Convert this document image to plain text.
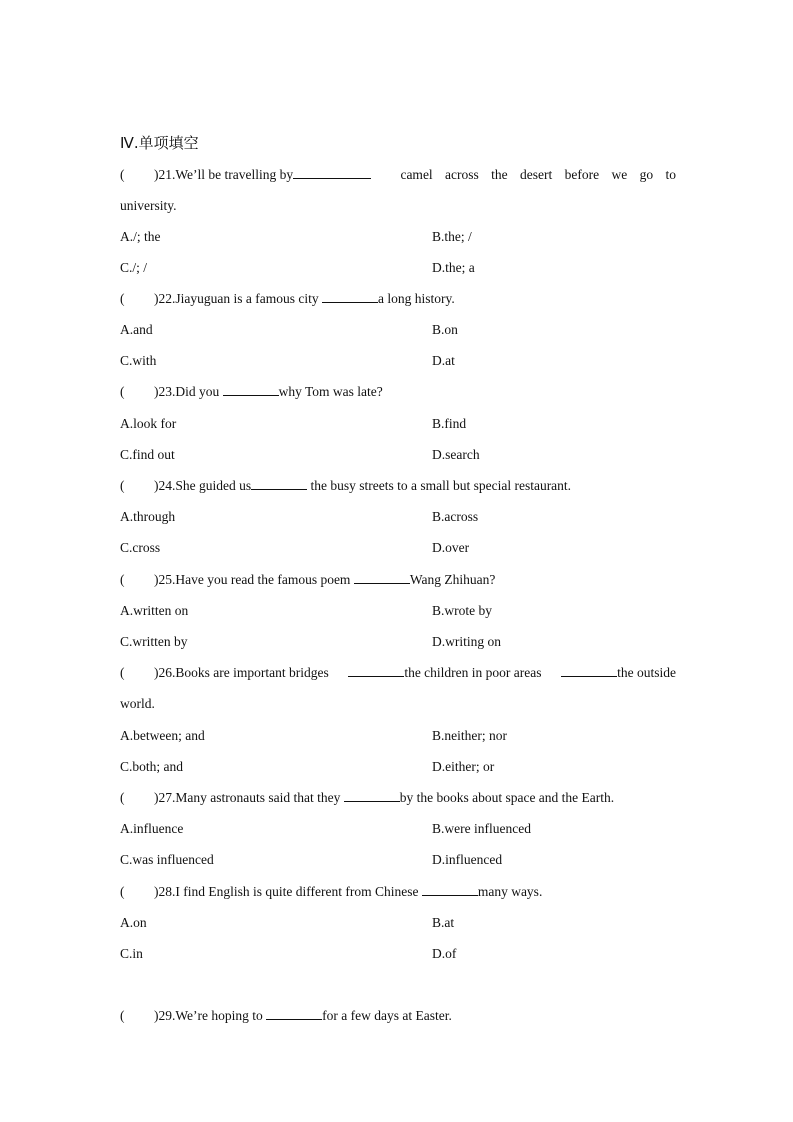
Ⅳ.单项填空
( )21.We’ll be travelling by	camel across the desert before we go to
university.
A./; the	B.the; /
C./; /	D.the; a
( )22.Jiayuguan is a famous city	a long history.
A.and	B.on
C.with	D.at
( )23.Did you	why Tom was late?
A.look for	B.find
C.find out	D.search
( )24.She guided us	the busy streets to a small but special restaurant.
A.through	B.across
C.cross	D.over
( )25.Have you read the famous poem	Wang Zhihuan?
A.written on	B.wrote by
C.written by	D.writing on
( )26.Books are important bridges	the children in poor areas	the outside
world.
A.between; and	B.neither; nor
C.both; and	D.either; or
( )27.Many astronauts said that they	by the books about space and the Earth.
A.influence	B.were influenced
C.was influenced	D.influenced
( )28.I find English is quite different from Chinese	many ways.
A.on	B.at
C.in	D.of
( )29.We’re hoping to	for a few days at Easter.
